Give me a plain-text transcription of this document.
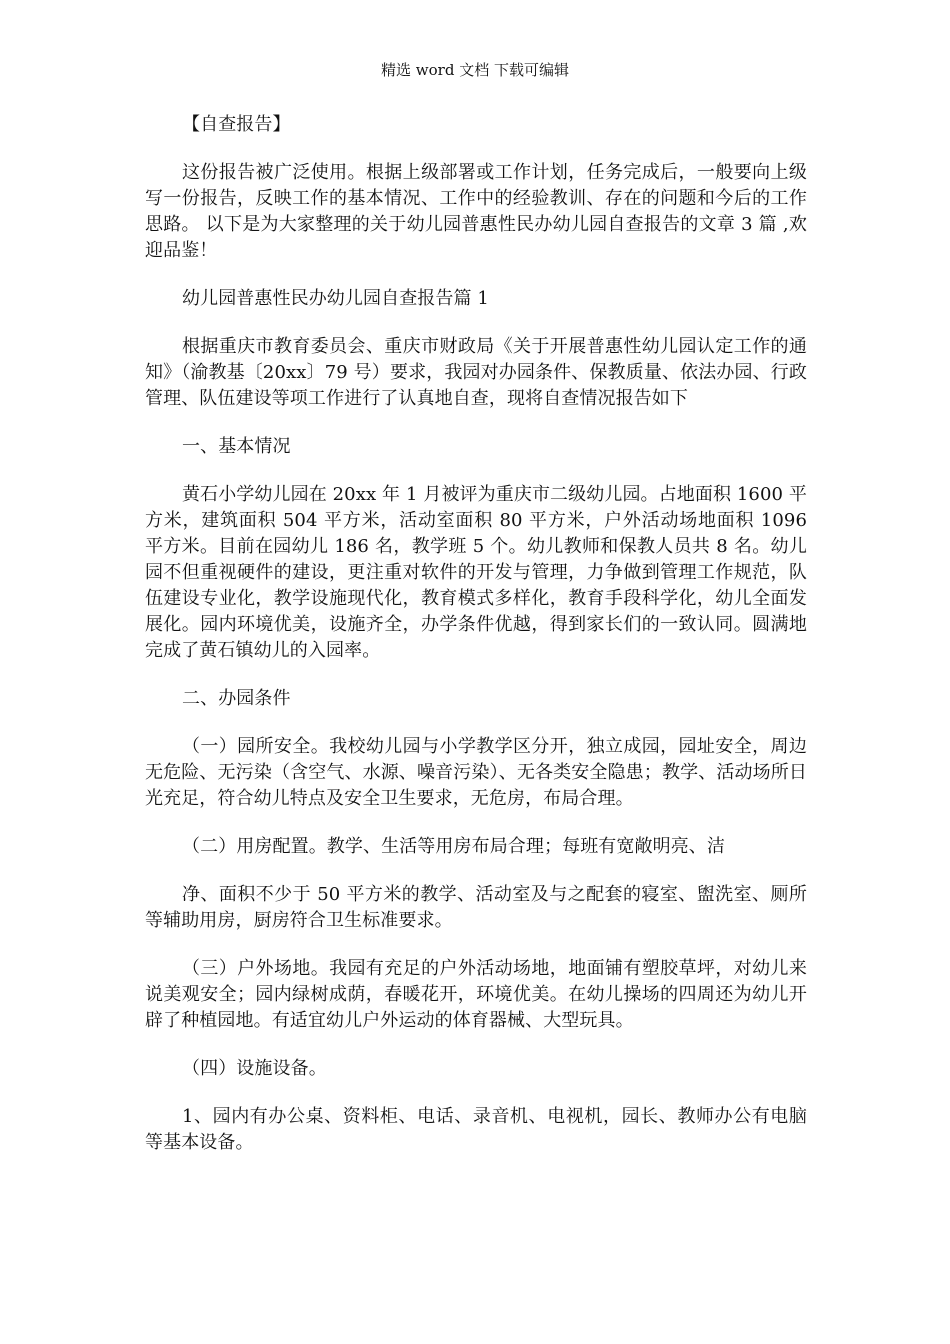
精选 word 文档 下载可编辑

【自查报告】

这份报告被广泛使用。根据上级部署或工作计划，任务完成后，一般要向上级写一份报告，反映工作的基本情况、工作中的经验教训、存在的问题和今后的工作思路。 以下是为大家整理的关于幼儿园普惠性民办幼儿园自查报告的文章 3 篇 ,欢迎品鉴！

幼儿园普惠性民办幼儿园自查报告篇 1

根据重庆市教育委员会、重庆市财政局《关于开展普惠性幼儿园认定工作的通知》（渝教基〔20xx〕79 号）要求，我园对办园条件、保教质量、依法办园、行政管理、队伍建设等项工作进行了认真地自查，现将自查情况报告如下

一、基本情况

黄石小学幼儿园在 20xx 年 1 月被评为重庆市二级幼儿园。占地面积 1600 平方米，建筑面积 504 平方米，活动室面积 80 平方米，户外活动场地面积 1096 平方米。目前在园幼儿 186 名，教学班 5 个。幼儿教师和保教人员共 8 名。幼儿园不但重视硬件的建设，更注重对软件的开发与管理，力争做到管理工作规范，队伍建设专业化，教学设施现代化，教育模式多样化，教育手段科学化，幼儿全面发展化。园内环境优美，设施齐全，办学条件优越，得到家长们的一致认同。圆满地完成了黄石镇幼儿的入园率。

二、办园条件

（一）园所安全。我校幼儿园与小学教学区分开，独立成园，园址安全，周边无危险、无污染（含空气、水源、噪音污染）、无各类安全隐患；教学、活动场所日光充足，符合幼儿特点及安全卫生要求，无危房，布局合理。

（二）用房配置。教学、生活等用房布局合理；每班有宽敞明亮、洁

净、面积不少于 50 平方米的教学、活动室及与之配套的寝室、盥洗室、厕所等辅助用房，厨房符合卫生标准要求。

（三）户外场地。我园有充足的户外活动场地，地面铺有塑胶草坪，对幼儿来说美观安全；园内绿树成荫，春暖花开，环境优美。在幼儿操场的四周还为幼儿开辟了种植园地。有适宜幼儿户外运动的体育器械、大型玩具。

（四）设施设备。

1、园内有办公桌、资料柜、电话、录音机、电视机，园长、教师办公有电脑等基本设备。
